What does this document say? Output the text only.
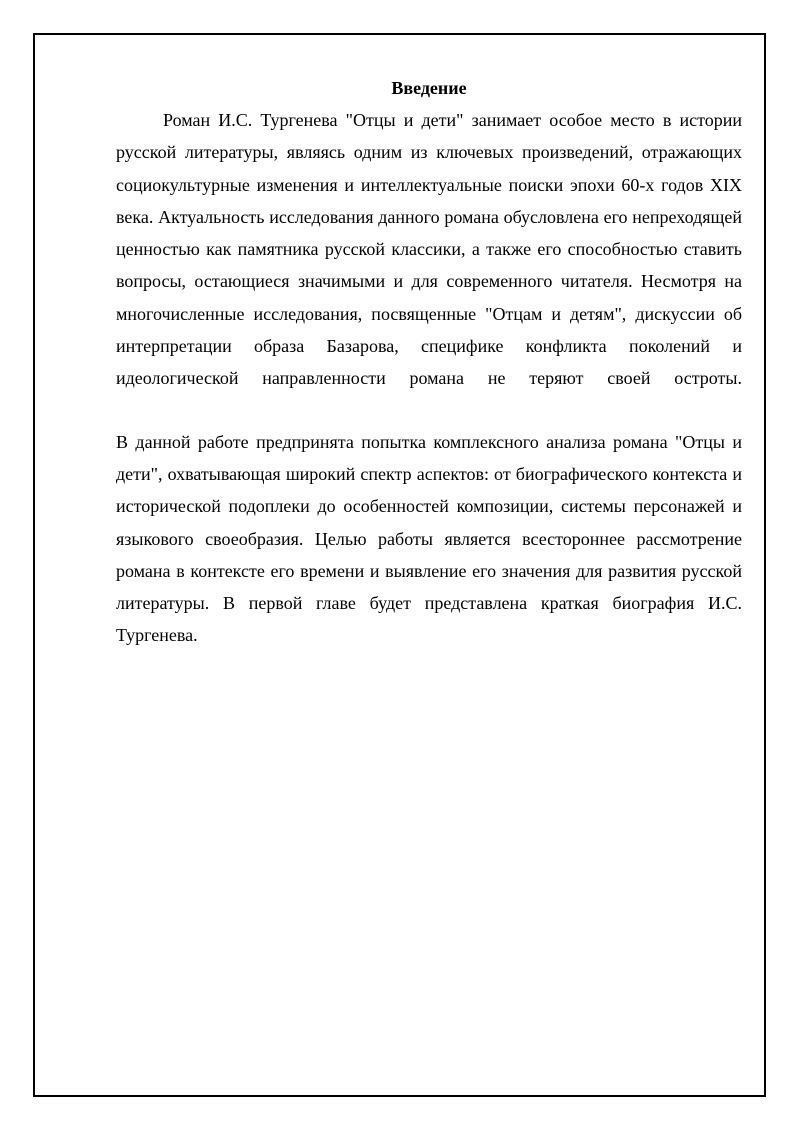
Введение

Роман И.С. Тургенева "Отцы и дети" занимает особое место в истории русской литературы, являясь одним из ключевых произведений, отражающих социокультурные изменения и интеллектуальные поиски эпохи 60-х годов XIX века. Актуальность исследования данного романа обусловлена его непреходящей ценностью как памятника русской классики, а также его способностью ставить вопросы, остающиеся значимыми и для современного читателя. Несмотря на многочисленные исследования, посвященные "Отцам и детям", дискуссии об интерпретации образа Базарова, специфике конфликта поколений и идеологической направленности романа не теряют своей остроты.

В данной работе предпринята попытка комплексного анализа романа "Отцы и дети", охватывающая широкий спектр аспектов: от биографического контекста и исторической подоплеки до особенностей композиции, системы персонажей и языкового своеобразия. Целью работы является всестороннее рассмотрение романа в контексте его времени и выявление его значения для развития русской литературы. В первой главе будет представлена краткая биография И.С. Тургенева.
